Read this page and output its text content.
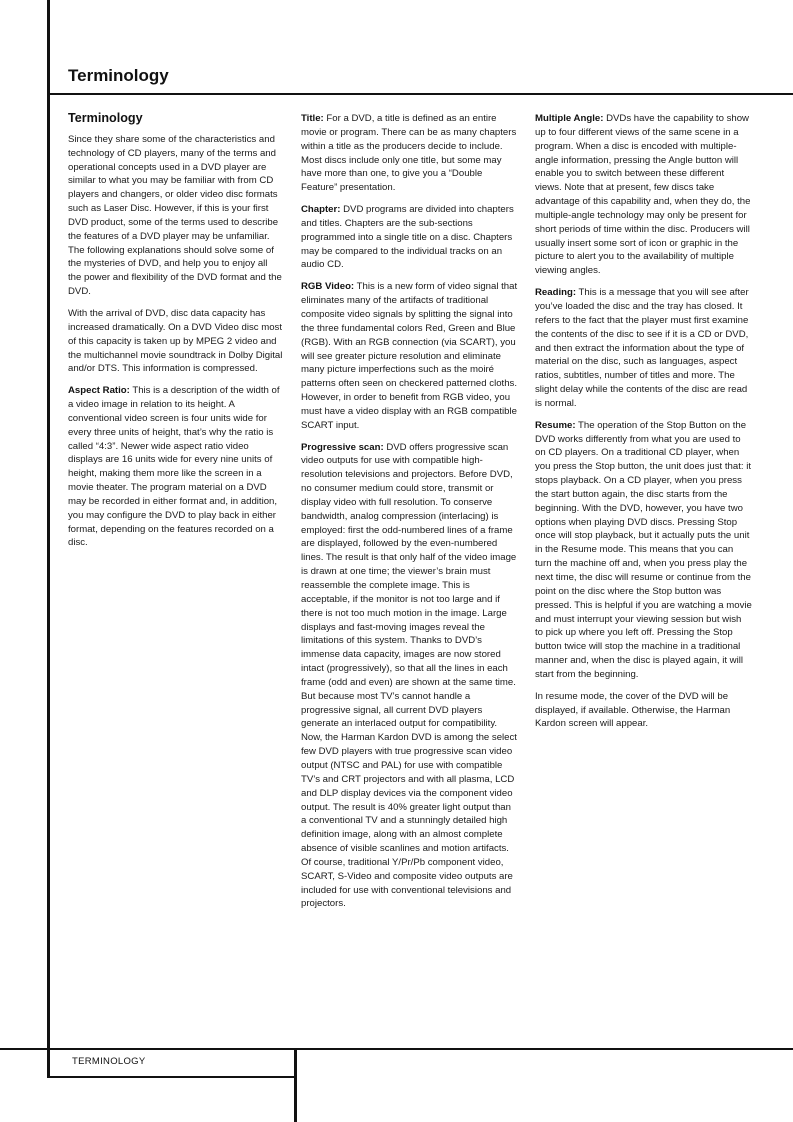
Terminology
Terminology

Since they share some of the characteristics and technology of CD players, many of the terms and operational concepts used in a DVD player are similar to what you may be familiar with from CD players and changers, or older video disc formats such as Laser Disc. However, if this is your first DVD product, some of the terms used to describe the features of a DVD player may be unfamiliar. The following explanations should solve some of the mysteries of DVD, and help you to enjoy all the power and flexibility of the DVD format and the DVD.

With the arrival of DVD, disc data capacity has increased dramatically. On a DVD Video disc most of this capacity is taken up by MPEG 2 video and the multichannel movie soundtrack in Dolby Digital and/or DTS. This information is compressed.

Aspect Ratio: This is a description of the width of a video image in relation to its height. A conventional video screen is four units wide for every three units of height, that’s why the ratio is called “4:3”. Newer wide aspect ratio video displays are 16 units wide for every nine units of height, making them more like the screen in a movie theater. The program material on a DVD may be recorded in either format and, in addition, you may configure the DVD to play back in either format, depending on the features recorded on a disc.

Title: For a DVD, a title is defined as an entire movie or program. There can be as many chapters within a title as the producers decide to include. Most discs include only one title, but some may have more than one, to give you a “Double Feature” presentation.

Chapter: DVD programs are divided into chapters and titles. Chapters are the sub-sections programmed into a single title on a disc. Chapters may be compared to the individual tracks on an audio CD.

RGB Video: This is a new form of video signal that eliminates many of the artifacts of traditional composite video signals by splitting the signal into the three fundamental colors Red, Green and Blue (RGB). With an RGB connection (via SCART), you will see greater picture resolution and eliminate many picture imperfections such as the moiré patterns often seen on checkered patterned cloths. However, in order to benefit from RGB video, you must have a video display with an RGB compatible SCART input.

Progressive scan: DVD offers progressive scan video outputs for use with compatible high-resolution televisions and projectors. Before DVD, no consumer medium could store, transmit or display video with full resolution. To conserve bandwidth, analog compression (interlacing) is employed: first the odd-numbered lines of a frame are displayed, followed by the even-numbered lines. The result is that only half of the video image is drawn at one time; the viewer’s brain must reassemble the complete image. This is acceptable, if the monitor is not too large and if there is not too much motion in the image. Large displays and fast-moving images reveal the limitations of this system. Thanks to DVD’s immense data capacity, images are now stored intact (progressively), so that all the lines in each frame (odd and even) are shown at the same time. But because most TV’s cannot handle a progressive signal, all current DVD players generate an interlaced output for compatibility. Now, the Harman Kardon DVD is among the select few DVD players with true progressive scan video output (NTSC and PAL) for use with compatible TV’s and CRT projectors and with all plasma, LCD and DLP display devices via the component video output. The result is 40% greater light output than a conventional TV and a stunningly detailed high definition image, along with an almost complete absence of visible scanlines and motion artifacts. Of course, traditional Y/Pr/Pb component video, SCART, S-Video and composite video outputs are included for use with conventional televisions and projectors.

Multiple Angle: DVDs have the capability to show up to four different views of the same scene in a program. When a disc is encoded with multiple-angle information, pressing the Angle button will enable you to switch between these different views. Note that at present, few discs take advantage of this capability and, when they do, the multiple-angle technology may only be present for short periods of time within the disc. Producers will usually insert some sort of icon or graphic in the picture to alert you to the availability of multiple viewing angles.

Reading: This is a message that you will see after you’ve loaded the disc and the tray has closed. It refers to the fact that the player must first examine the contents of the disc to see if it is a CD or DVD, and then extract the information about the type of material on the disc, such as languages, aspect ratios, subtitles, number of titles and more. The slight delay while the contents of the disc are read is normal.

Resume: The operation of the Stop Button on the DVD works differently from what you are used to on CD players. On a traditional CD player, when you press the Stop button, the unit does just that: it stops playback. On a CD player, when you press the start button again, the disc starts from the beginning. With the DVD, however, you have two options when playing DVD discs. Pressing Stop once will stop playback, but it actually puts the unit in the Resume mode. This means that you can turn the machine off and, when you press play the next time, the disc will resume or continue from the point on the disc where the Stop button was pressed. This is helpful if you are watching a movie and must interrupt your viewing session but wish to pick up where you left off. Pressing the Stop button twice will stop the machine in a traditional manner and, when the disc is played again, it will start from the beginning.

In resume mode, the cover of the DVD will be displayed, if available. Otherwise, the Harman Kardon screen will appear.

TERMINOLOGY
